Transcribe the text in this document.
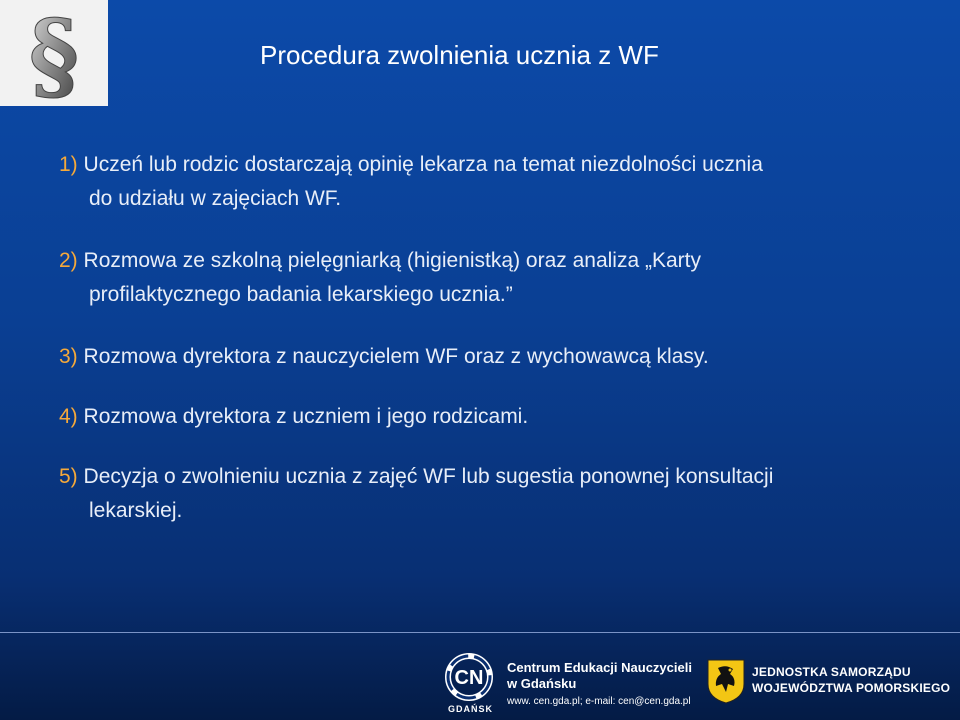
§	Procedura zwolnienia ucznia z WF
1) Uczeń lub rodzic dostarczają opinię lekarza na temat niezdolności ucznia
do udziału w zajęciach WF.
2) Rozmowa ze szkolną pielęgniarką (higienistką) oraz analiza „Karty
profilaktycznego badania lekarskiego ucznia.”
3) Rozmowa dyrektora z nauczycielem WF oraz z wychowawcą klasy.
4) Rozmowa dyrektora z uczniem i jego rodzicami.
5) Decyzja o zwolnieniu ucznia z zajęć WF lub sugestia ponownej konsultacji
lekarskiej.
CN
GDAŃSK
Centrum Edukacji Nauczycieli
w Gdańsku
www. cen.gda.pl; e-mail: cen@cen.gda.pl
JEDNOSTKA SAMORZĄDU
WOJEWÓDZTWA POMORSKIEGO
